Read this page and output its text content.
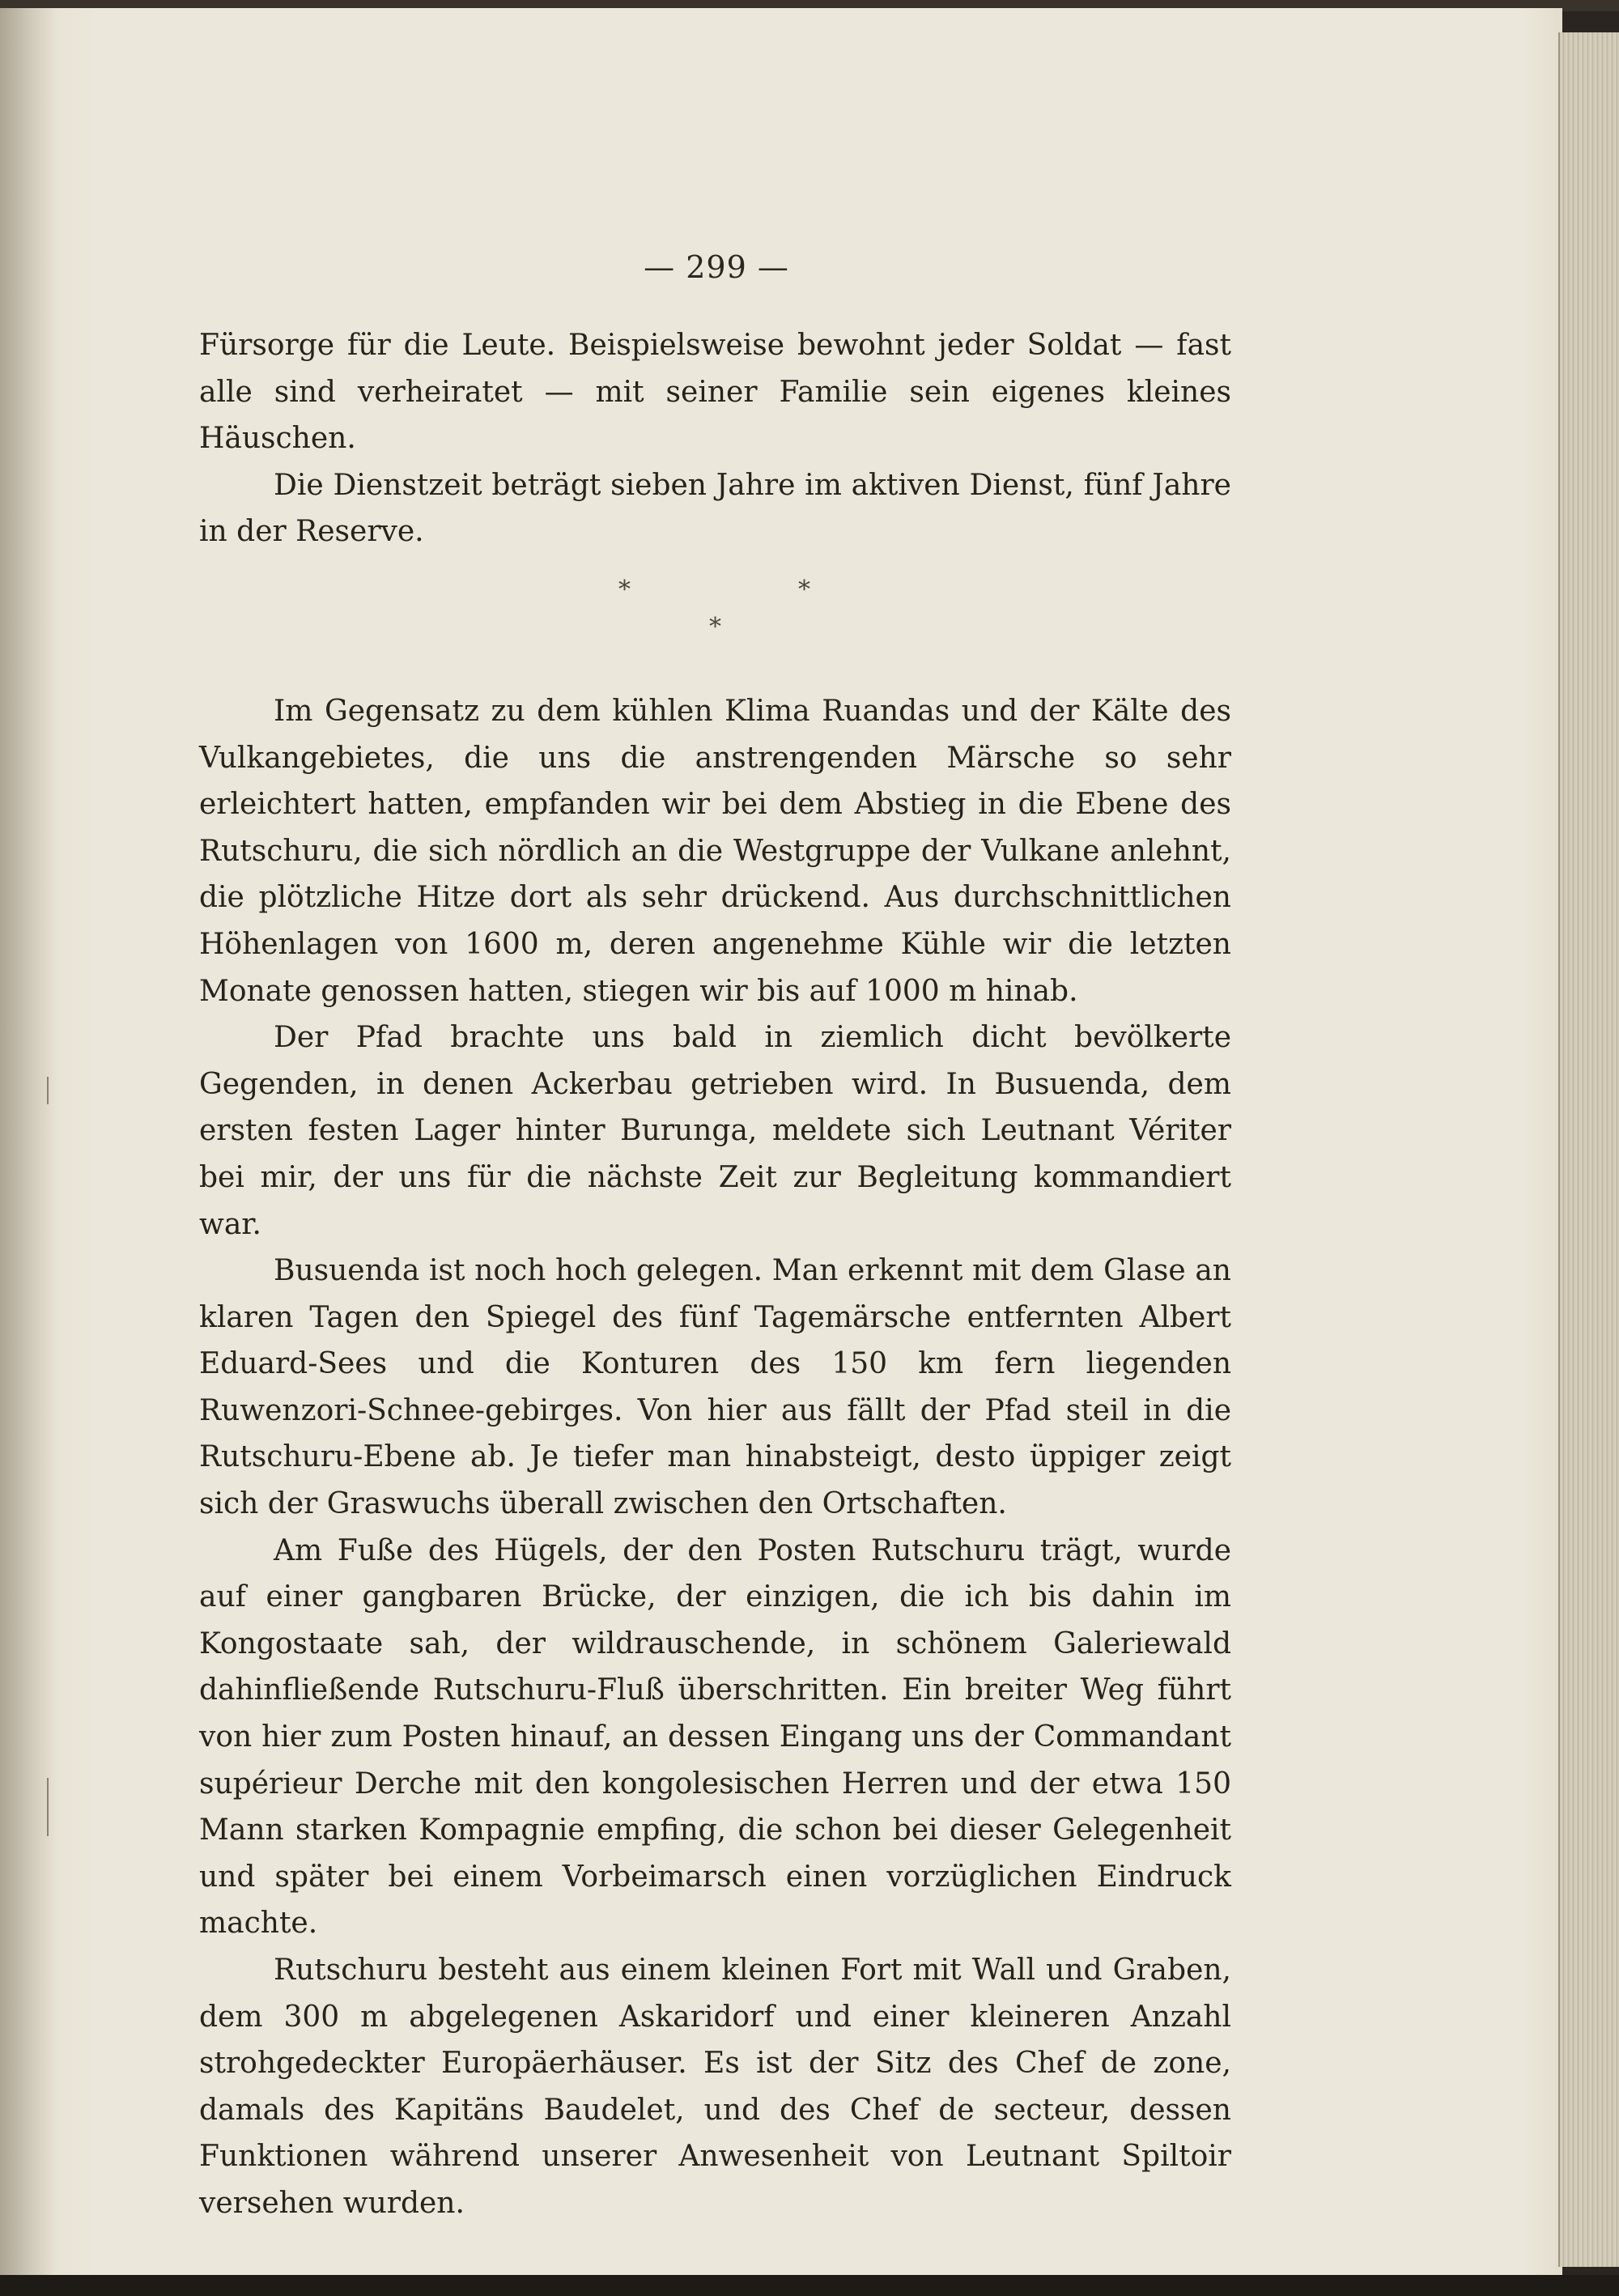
— 299 —

Fürsorge für die Leute. Beispielsweise bewohnt jeder Soldat — fast alle sind verheiratet — mit seiner Familie sein eigenes kleines Häuschen.

Die Dienstzeit beträgt sieben Jahre im aktiven Dienst, fünf Jahre in der Reserve.

*	*
*

Im Gegensatz zu dem kühlen Klima Ruandas und der Kälte des Vulkangebietes, die uns die anstrengenden Märsche so sehr erleichtert hatten, empfanden wir bei dem Abstieg in die Ebene des Rutschuru, die sich nördlich an die Westgruppe der Vulkane anlehnt, die plötzliche Hitze dort als sehr drückend. Aus durchschnittlichen Höhenlagen von 1600 m, deren angenehme Kühle wir die letzten Monate genossen hatten, stiegen wir bis auf 1000 m hinab.

Der Pfad brachte uns bald in ziemlich dicht bevölkerte Gegenden, in denen Ackerbau getrieben wird. In Busuenda, dem ersten festen Lager hinter Burunga, meldete sich Leutnant Vériter bei mir, der uns für die nächste Zeit zur Begleitung kommandiert war.

Busuenda ist noch hoch gelegen. Man erkennt mit dem Glase an klaren Tagen den Spiegel des fünf Tagemärsche entfernten Albert Eduard-Sees und die Konturen des 150 km fern liegenden Ruwenzori-Schnee-gebirges. Von hier aus fällt der Pfad steil in die Rutschuru-Ebene ab. Je tiefer man hinabsteigt, desto üppiger zeigt sich der Graswuchs überall zwischen den Ortschaften.

Am Fuße des Hügels, der den Posten Rutschuru trägt, wurde auf einer gangbaren Brücke, der einzigen, die ich bis dahin im Kongostaate sah, der wildrauschende, in schönem Galeriewald dahinfließende Rutschuru-Fluß überschritten. Ein breiter Weg führt von hier zum Posten hinauf, an dessen Eingang uns der Commandant supérieur Derche mit den kongolesischen Herren und der etwa 150 Mann starken Kompagnie empfing, die schon bei dieser Gelegenheit und später bei einem Vorbeimarsch einen vorzüglichen Eindruck machte.

Rutschuru besteht aus einem kleinen Fort mit Wall und Graben, dem 300 m abgelegenen Askaridorf und einer kleineren Anzahl strohgedeckter Europäerhäuser. Es ist der Sitz des Chef de zone, damals des Kapitäns Baudelet, und des Chef de secteur, dessen Funktionen während unserer Anwesenheit von Leutnant Spiltoir versehen wurden.
